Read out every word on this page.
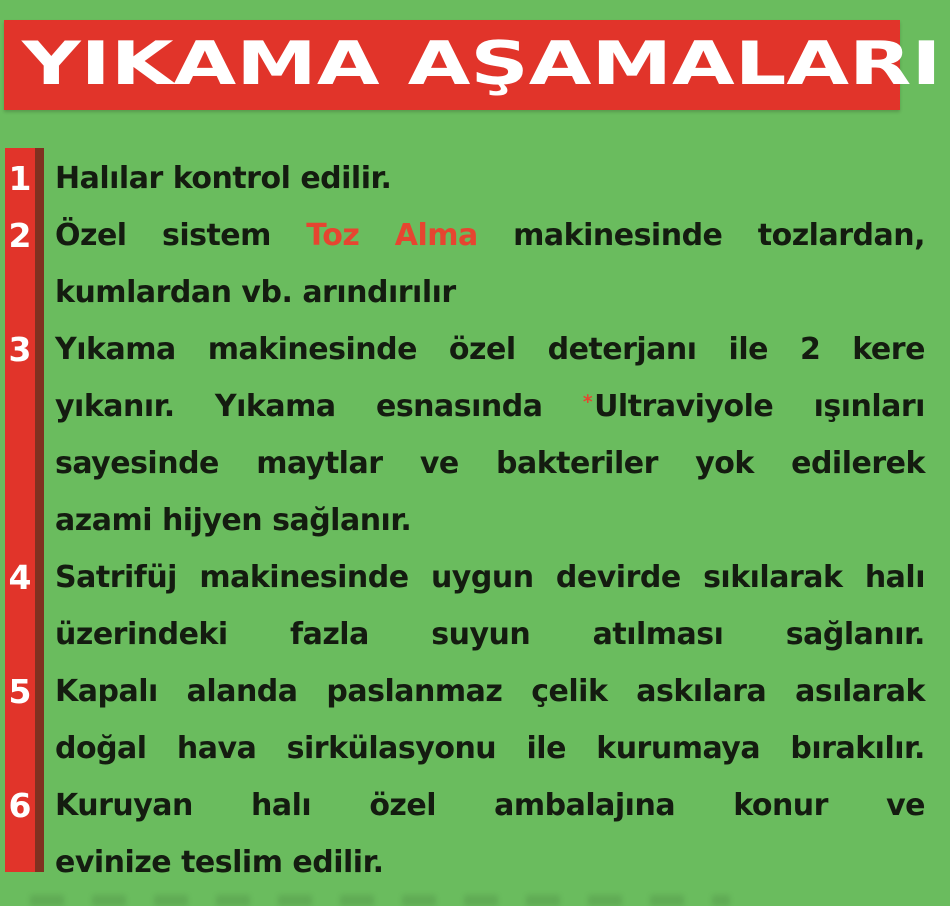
YIKAMA AŞAMALARI
1 Halılar kontrol edilir.
2 Özel sistem Toz Alma makinesinde tozlardan,
kumlardan vb. arındırılır
3 Yıkama makinesinde özel deterjanı ile 2 kere
yıkanır. Yıkama esnasında *Ultraviyole ışınları
sayesinde maytlar ve bakteriler yok edilerek
azami hijyen sağlanır.
4 Satrifüj makinesinde uygun devirde sıkılarak halı
üzerindeki fazla suyun atılması sağlanır.
5 Kapalı alanda paslanmaz çelik askılara asılarak
doğal hava sirkülasyonu ile kurumaya bırakılır.
6 Kuruyan halı özel ambalajına konur ve
evinize teslim edilir.
